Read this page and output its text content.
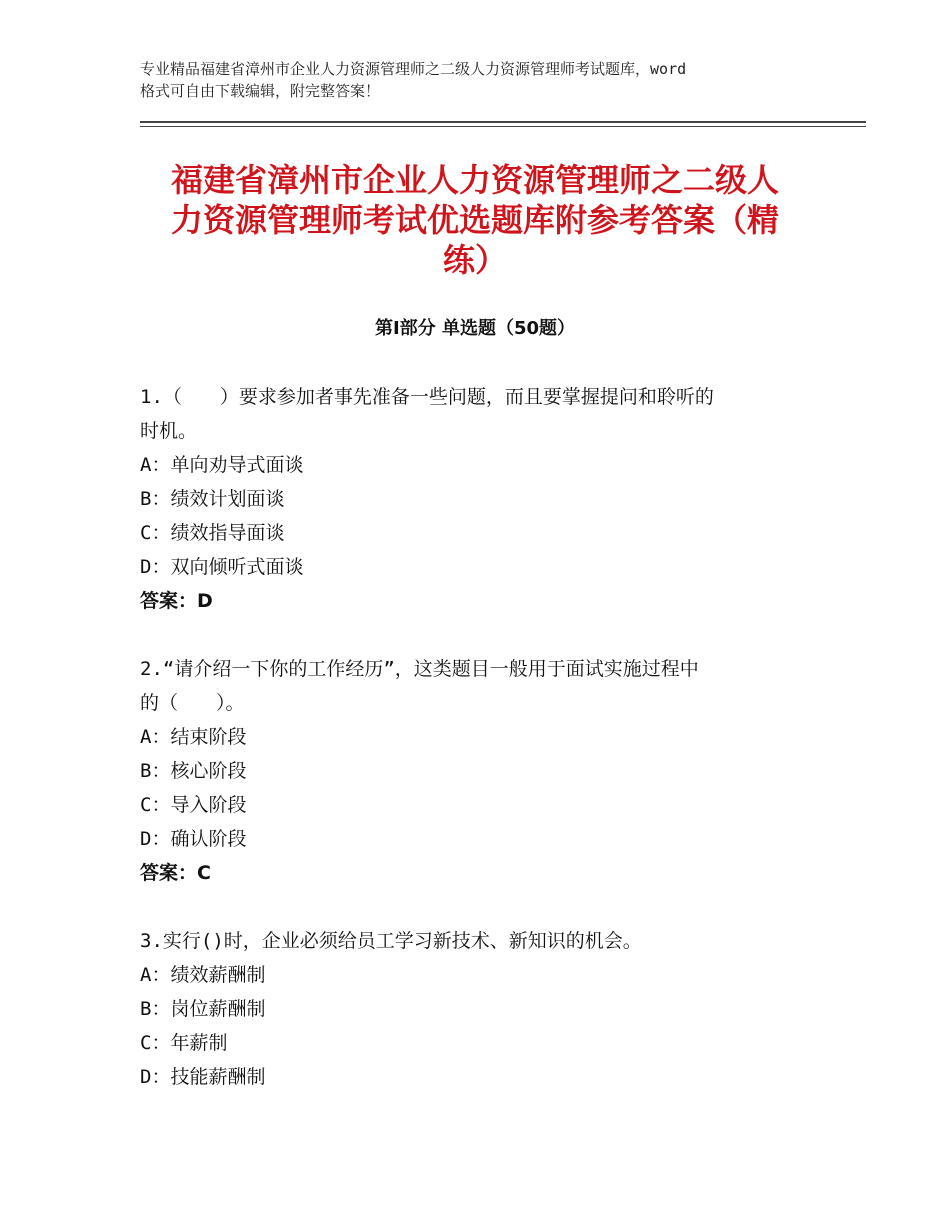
专业精品福建省漳州市企业人力资源管理师之二级人力资源管理师考试题库，word
格式可自由下载编辑，附完整答案！
福建省漳州市企业人力资源管理师之二级人
力资源管理师考试优选题库附参考答案（精
练）
第Ⅰ部分 单选题（50题）
1.（　　）要求参加者事先准备一些问题，而且要掌握提问和聆听的
时机。
A：单向劝导式面谈
B：绩效计划面谈
C：绩效指导面谈
D：双向倾听式面谈
答案：D
2.“请介绍一下你的工作经历”，这类题目一般用于面试实施过程中
的（　　）。
A：结束阶段
B：核心阶段
C：导入阶段
D：确认阶段
答案：C
3.实行()时，企业必须给员工学习新技术、新知识的机会。
A：绩效薪酬制
B：岗位薪酬制
C：年薪制
D：技能薪酬制
